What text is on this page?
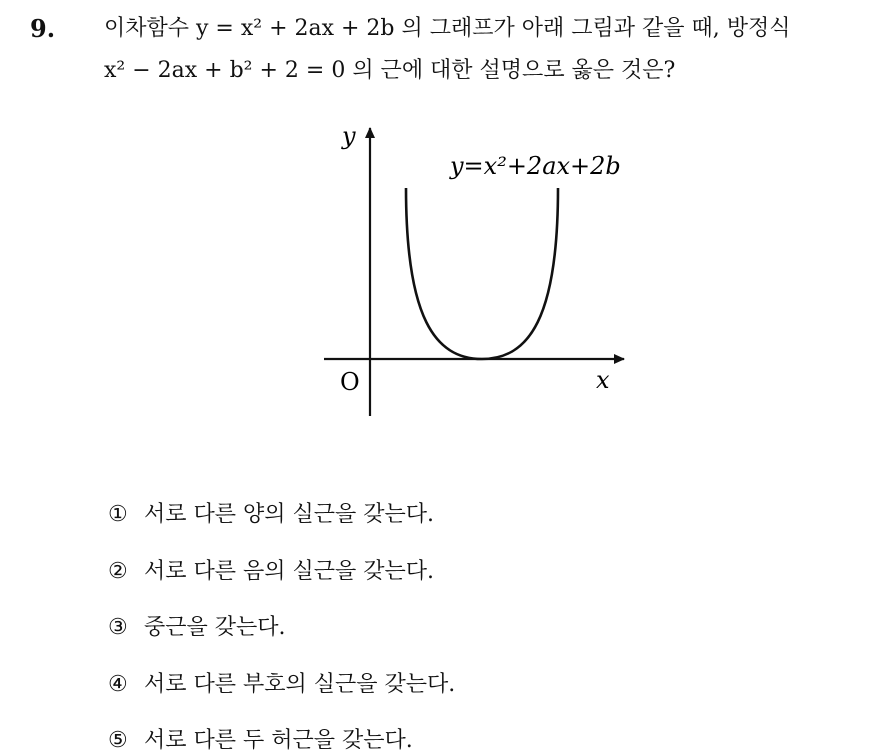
9. 이차함수 y = x² + 2ax + 2b 의 그래프가 아래 그림과 같을 때, 방정식
x² − 2ax + b² + 2 = 0 의 근에 대한 설명으로 옳은 것은?
y
x
O
y=x²+2ax+2b
① 서로 다른 양의 실근을 갖는다.
② 서로 다른 음의 실근을 갖는다.
③ 중근을 갖는다.
④ 서로 다른 부호의 실근을 갖는다.
⑤ 서로 다른 두 허근을 갖는다.
